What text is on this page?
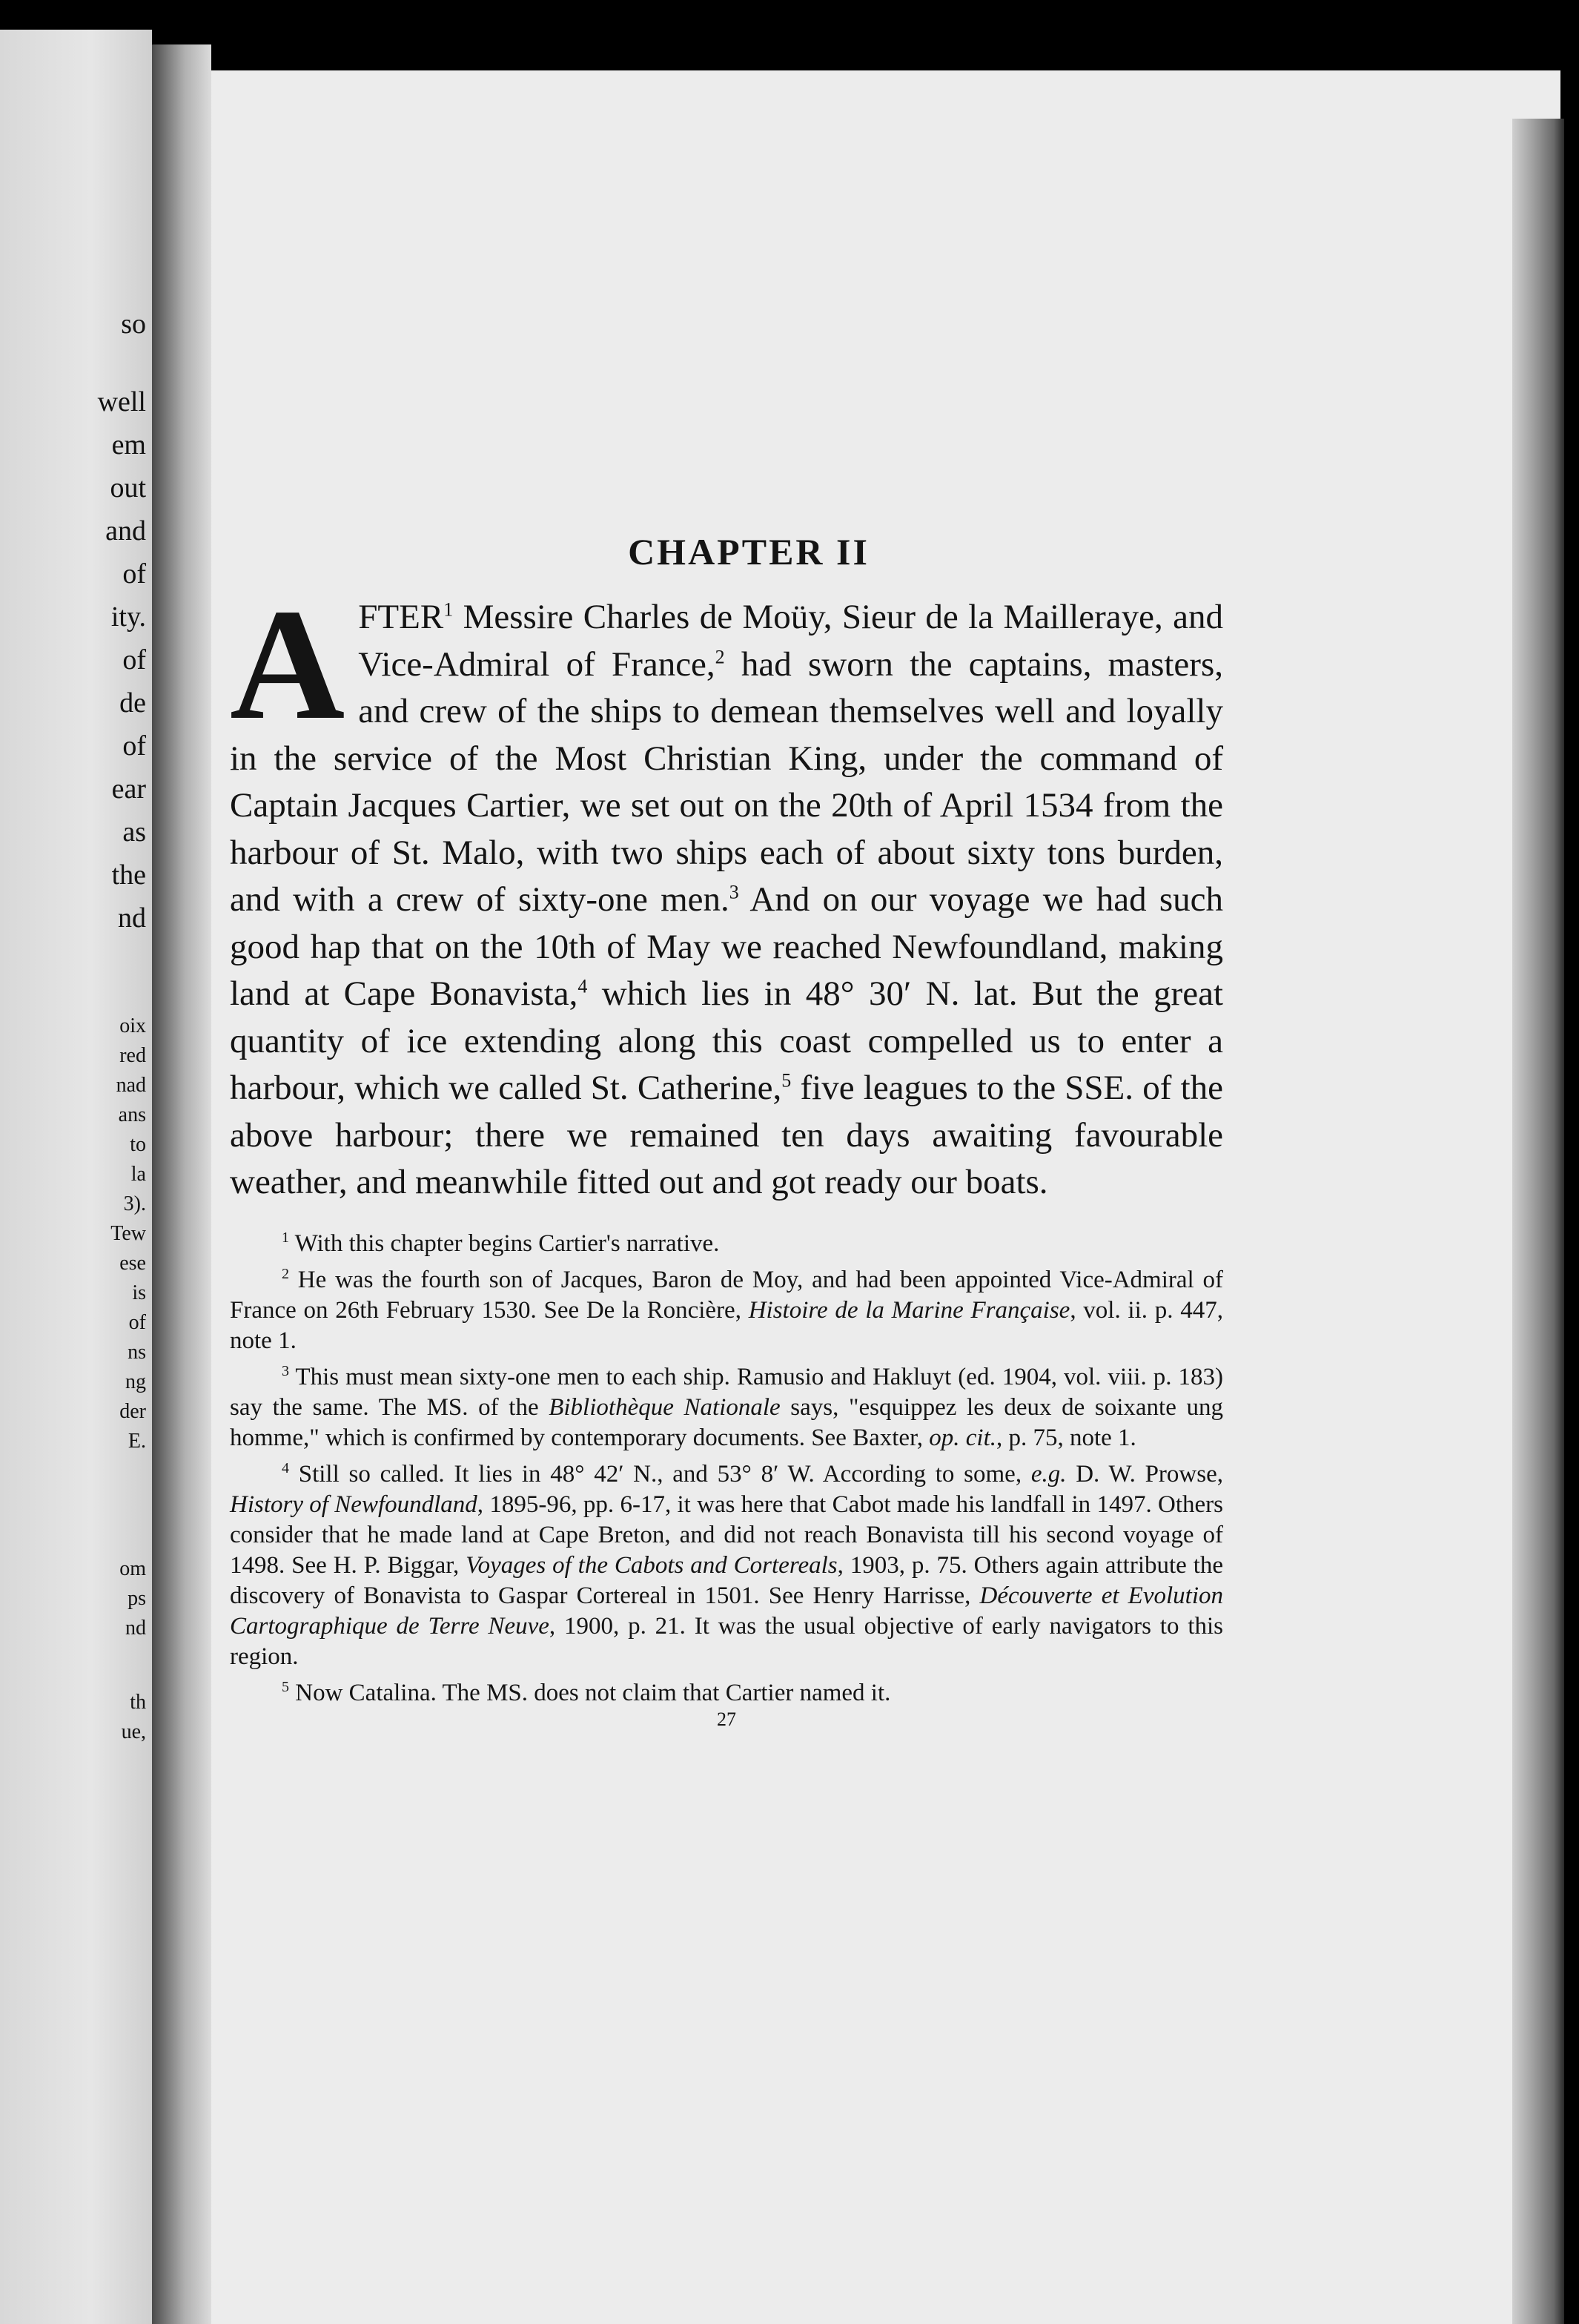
so
well
em
out
and
of
ity.
of
de
of
ear
as
the
nd
oix
red
nad
ans
to
la
3).
Tew
ese
is
of
ns
ng
der
E.
om
ps
nd
th
ue,
CHAPTER II

AFTER$^1$ Messire Charles de Moüy, Sieur de la Mailleraye, and Vice-Admiral of France,$^2$ had sworn the captains, masters, and crew of the ships to demean themselves well and loyally in the service of the Most Christian King, under the command of Captain Jacques Cartier, we set out on the 20th of April 1534 from the harbour of St. Malo, with two ships each of about sixty tons burden, and with a crew of sixty-one men.$^3$ And on our voyage we had such good hap that on the 10th of May we reached Newfoundland, making land at Cape Bonavista,$^4$ which lies in 48° 30′ N. lat. But the great quantity of ice extending along this coast compelled us to enter a harbour, which we called St. Catherine,$^5$ five leagues to the SSE. of the above harbour; there we remained ten days awaiting favourable weather, and meanwhile fitted out and got ready our boats.

$^1$ With this chapter begins Cartier's narrative.

$^2$ He was the fourth son of Jacques, Baron de Moy, and had been appointed Vice-Admiral of France on 26th February 1530. See De la Roncière, Histoire de la Marine Française, vol. ii. p. 447, note 1.

$^3$ This must mean sixty-one men to each ship. Ramusio and Hakluyt (ed. 1904, vol. viii. p. 183) say the same. The MS. of the Bibliothèque Nationale says, "esquippez les deux de soixante ung homme," which is confirmed by contemporary documents. See Baxter, op. cit., p. 75, note 1.

$^4$ Still so called. It lies in 48° 42′ N., and 53° 8′ W. According to some, e.g. D. W. Prowse, History of Newfoundland, 1895-96, pp. 6-17, it was here that Cabot made his landfall in 1497. Others consider that he made land at Cape Breton, and did not reach Bonavista till his second voyage of 1498. See H. P. Biggar, Voyages of the Cabots and Cortereals, 1903, p. 75. Others again attribute the discovery of Bonavista to Gaspar Cortereal in 1501. See Henry Harrisse, Découverte et Evolution Cartographique de Terre Neuve, 1900, p. 21. It was the usual objective of early navigators to this region.

$^5$ Now Catalina. The MS. does not claim that Cartier named it.

27
